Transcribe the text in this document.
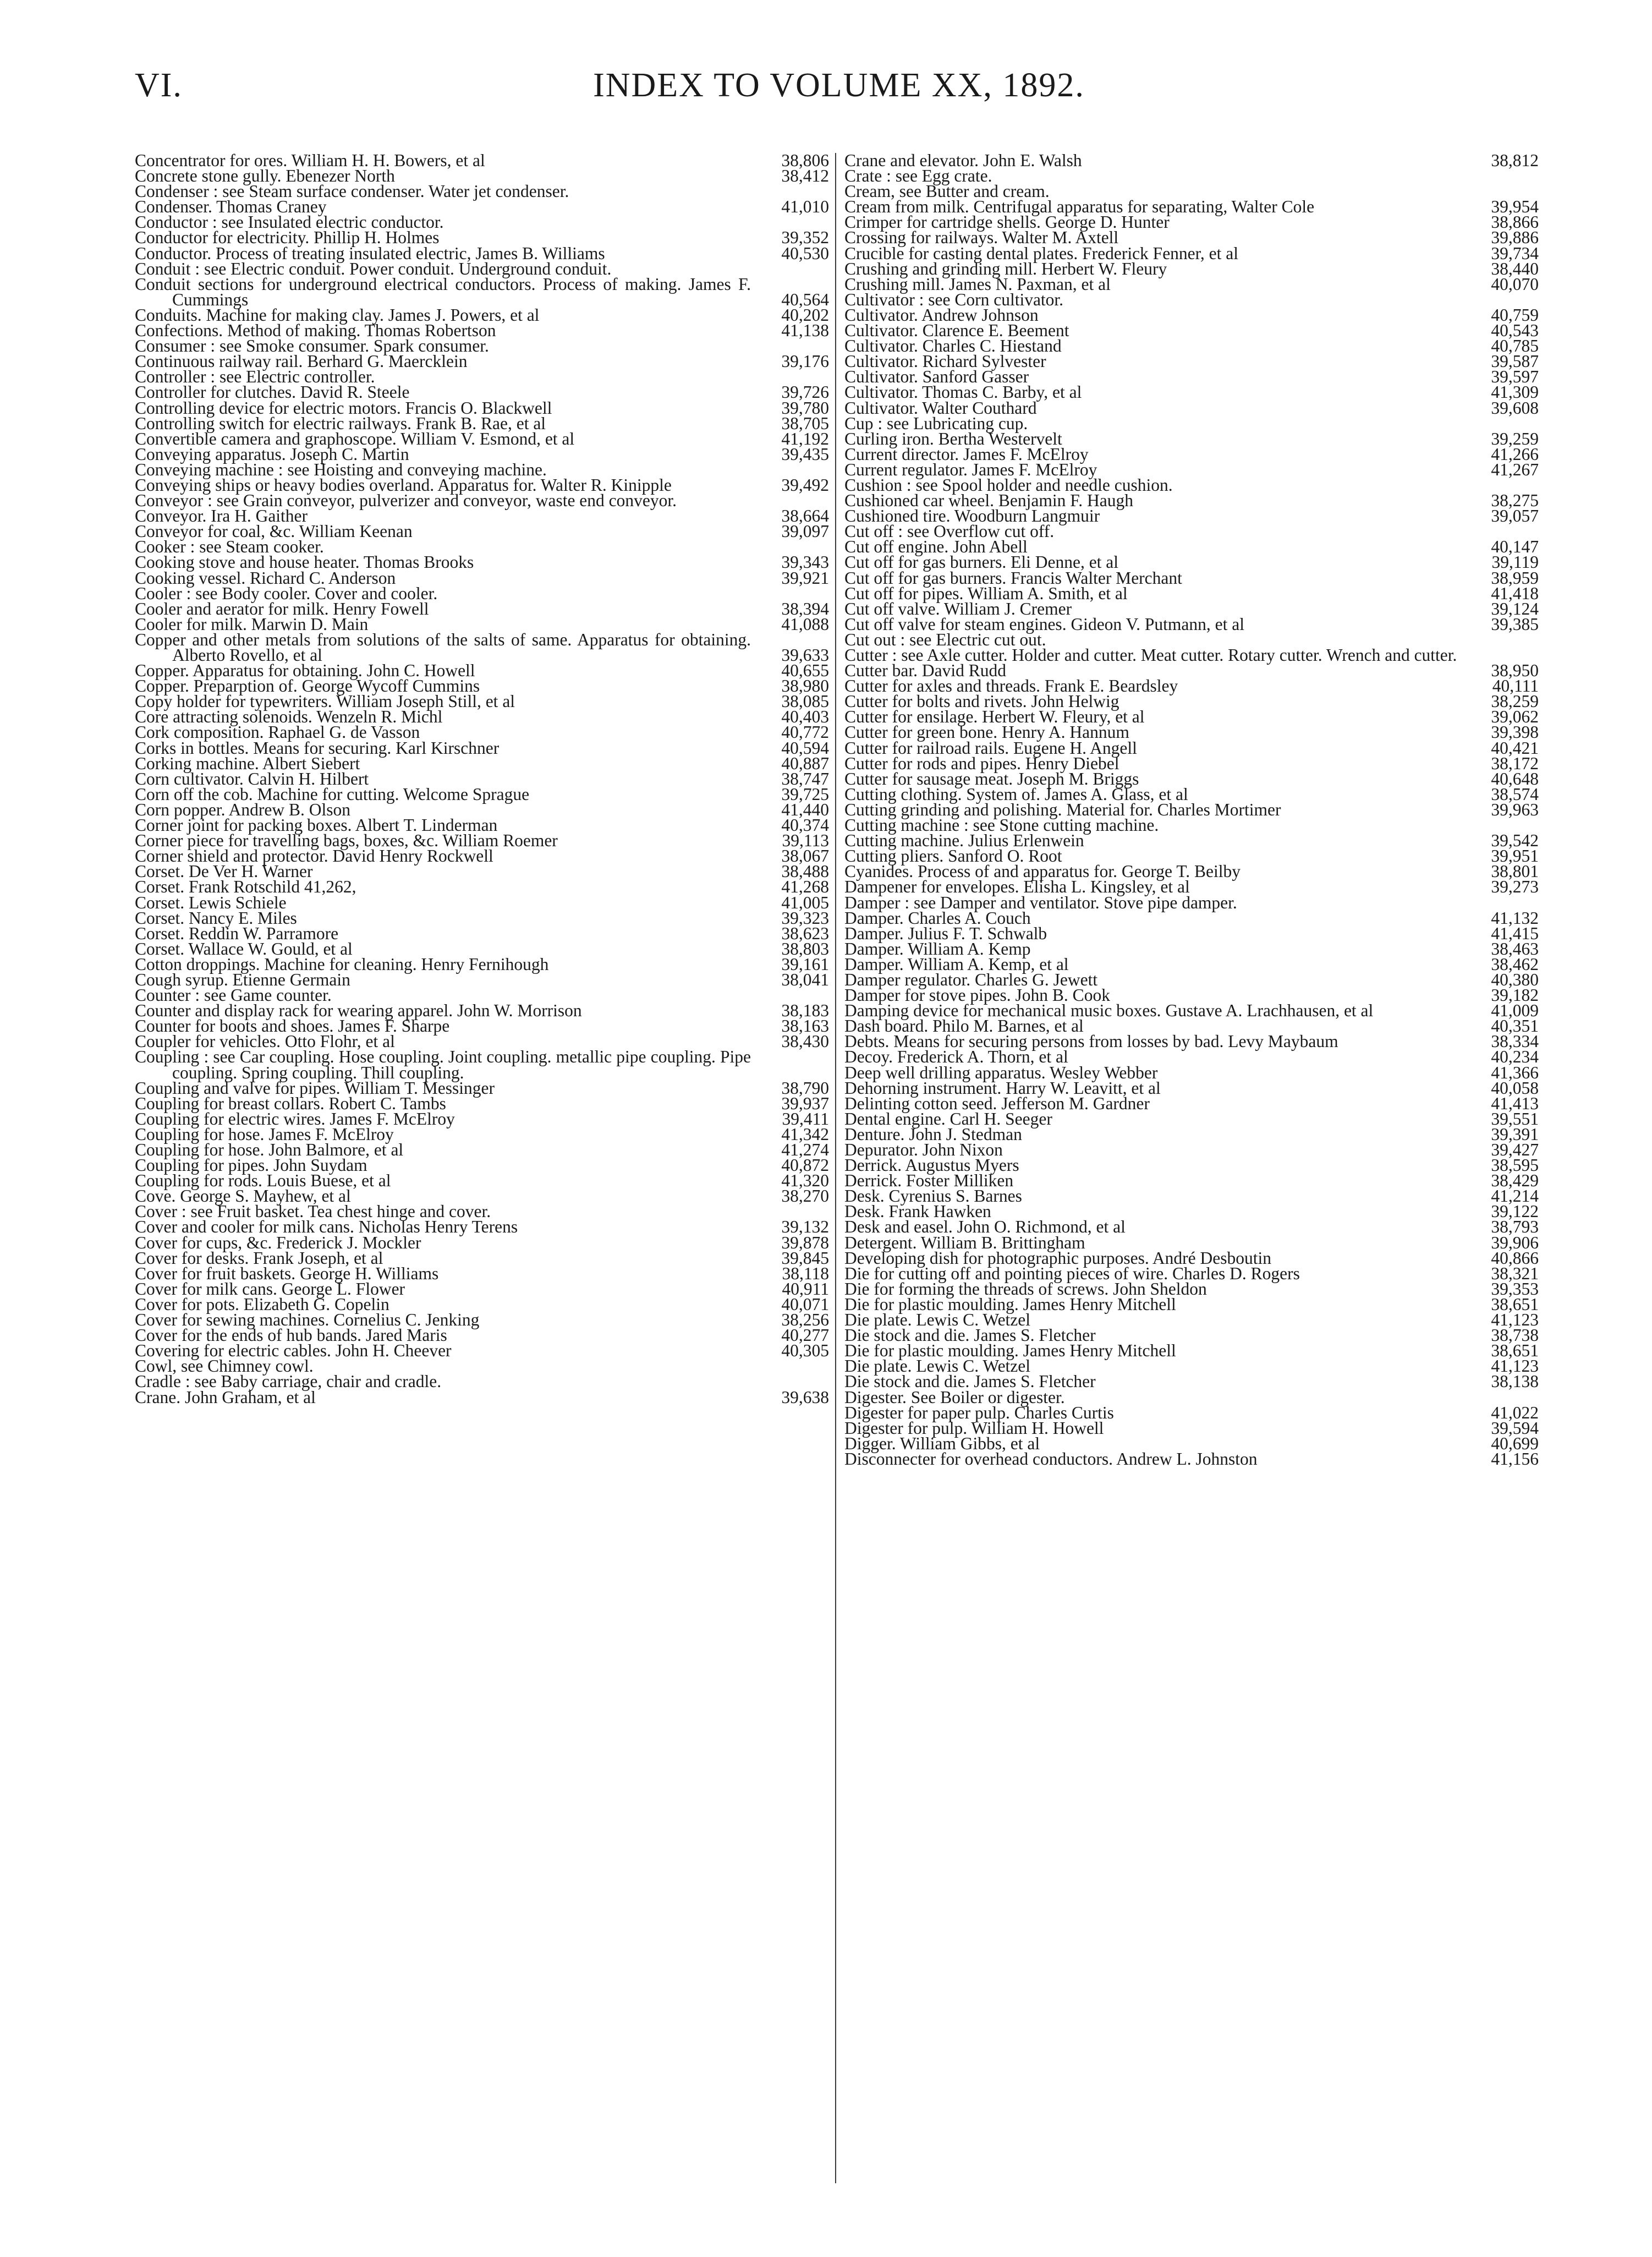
VI.	INDEX TO VOLUME XX, 1892.
Concentrator for ores. William H. H. Bowers, et al	38,806
Concrete stone gully. Ebenezer North	38,412
Condenser : see Steam surface condenser. Water jet condenser.
Condenser. Thomas Craney	41,010
Conductor : see Insulated electric conductor.
Conductor for electricity. Phillip H. Holmes	39,352
Conductor. Process of treating insulated electric, James B. Williams	40,530
Conduit : see Electric conduit. Power conduit. Underground conduit.
Conduit sections for underground electrical conductors. Process of making. James F. Cummings	40,564
Conduits. Machine for making clay. James J. Powers, et al	40,202
Confections. Method of making. Thomas Robertson	41,138
Consumer : see Smoke consumer. Spark consumer.
Continuous railway rail. Berhard G. Maercklein	39,176
Controller : see Electric controller.
Controller for clutches. David R. Steele	39,726
Controlling device for electric motors. Francis O. Blackwell	39,780
Controlling switch for electric railways. Frank B. Rae, et al	38,705
Convertible camera and graphoscope. William V. Esmond, et al	41,192
Conveying apparatus. Joseph C. Martin	39,435
Conveying machine : see Hoisting and conveying machine.
Conveying ships or heavy bodies overland. Apparatus for. Walter R. Kinipple	39,492
Conveyor : see Grain conveyor, pulverizer and conveyor, waste end conveyor.
Conveyor. Ira H. Gaither	38,664
Conveyor for coal, &c. William Keenan	39,097
Cooker : see Steam cooker.
Cooking stove and house heater. Thomas Brooks	39,343
Cooking vessel. Richard C. Anderson	39,921
Cooler : see Body cooler. Cover and cooler.
Cooler and aerator for milk. Henry Fowell	38,394
Cooler for milk. Marwin D. Main	41,088
Copper and other metals from solutions of the salts of same. Apparatus for obtaining. Alberto Rovello, et al	39,633
Copper. Apparatus for obtaining. John C. Howell	40,655
Copper. Preparption of. George Wycoff Cummins	38,980
Copy holder for typewriters. William Joseph Still, et al	38,085
Core attracting solenoids. Wenzeln R. Michl	40,403
Cork composition. Raphael G. de Vasson	40,772
Corks in bottles. Means for securing. Karl Kirschner	40,594
Corking machine. Albert Siebert	40,887
Corn cultivator. Calvin H. Hilbert	38,747
Corn off the cob. Machine for cutting. Welcome Sprague	39,725
Corn popper. Andrew B. Olson	41,440
Corner joint for packing boxes. Albert T. Linderman	40,374
Corner piece for travelling bags, boxes, &c. William Roemer	39,113
Corner shield and protector. David Henry Rockwell	38,067
Corset. De Ver H. Warner	38,488
Corset. Frank Rotschild 41,262,	41,268
Corset. Lewis Schiele	41,005
Corset. Nancy E. Miles	39,323
Corset. Reddin W. Parramore	38,623
Corset. Wallace W. Gould, et al	38,803
Cotton droppings. Machine for cleaning. Henry Fernihough	39,161
Cough syrup. Etienne Germain	38,041
Counter : see Game counter.
Counter and display rack for wearing apparel. John W. Morrison	38,183
Counter for boots and shoes. James F. Sharpe	38,163
Coupler for vehicles. Otto Flohr, et al	38,430
Coupling : see Car coupling. Hose coupling. Joint coupling. metallic pipe coupling. Pipe coupling. Spring coupling. Thill coupling.
Coupling and valve for pipes. William T. Messinger	38,790
Coupling for breast collars. Robert C. Tambs	39,937
Coupling for electric wires. James F. McElroy	39,411
Coupling for hose. James F. McElroy	41,342
Coupling for hose. John Balmore, et al	41,274
Coupling for pipes. John Suydam	40,872
Coupling for rods. Louis Buese, et al	41,320
Cove. George S. Mayhew, et al	38,270
Cover : see Fruit basket. Tea chest hinge and cover.
Cover and cooler for milk cans. Nicholas Henry Terens	39,132
Cover for cups, &c. Frederick J. Mockler	39,878
Cover for desks. Frank Joseph, et al	39,845
Cover for fruit baskets. George H. Williams	38,118
Cover for milk cans. George L. Flower	40,911
Cover for pots. Elizabeth G. Copelin	40,071
Cover for sewing machines. Cornelius C. Jenking	38,256
Cover for the ends of hub bands. Jared Maris	40,277
Covering for electric cables. John H. Cheever	40,305
Cowl, see Chimney cowl.
Cradle : see Baby carriage, chair and cradle.
Crane. John Graham, et al	39,638
Crane and elevator. John E. Walsh	38,812
Crate : see Egg crate.
Cream, see Butter and cream.
Cream from milk. Centrifugal apparatus for separating, Walter Cole	39,954
Crimper for cartridge shells. George D. Hunter	38,866
Crossing for railways. Walter M. Axtell	39,886
Crucible for casting dental plates. Frederick Fenner, et al	39,734
Crushing and grinding mill. Herbert W. Fleury	38,440
Crushing mill. James N. Paxman, et al	40,070
Cultivator : see Corn cultivator.
Cultivator. Andrew Johnson	40,759
Cultivator. Clarence E. Beement	40,543
Cultivator. Charles C. Hiestand	40,785
Cultivator. Richard Sylvester	39,587
Cultivator. Sanford Gasser	39,597
Cultivator. Thomas C. Barby, et al	41,309
Cultivator. Walter Couthard	39,608
Cup : see Lubricating cup.
Curling iron. Bertha Westervelt	39,259
Current director. James F. McElroy	41,266
Current regulator. James F. McElroy	41,267
Cushion : see Spool holder and needle cushion.
Cushioned car wheel. Benjamin F. Haugh	38,275
Cushioned tire. Woodburn Langmuir	39,057
Cut off : see Overflow cut off.
Cut off engine. John Abell	40,147
Cut off for gas burners. Eli Denne, et al	39,119
Cut off for gas burners. Francis Walter Merchant	38,959
Cut off for pipes. William A. Smith, et al	41,418
Cut off valve. William J. Cremer	39,124
Cut off valve for steam engines. Gideon V. Putmann, et al	39,385
Cut out : see Electric cut out.
Cutter : see Axle cutter. Holder and cutter. Meat cutter. Rotary cutter. Wrench and cutter.
Cutter bar. David Rudd	38,950
Cutter for axles and threads. Frank E. Beardsley	40,111
Cutter for bolts and rivets. John Helwig	38,259
Cutter for ensilage. Herbert W. Fleury, et al	39,062
Cutter for green bone. Henry A. Hannum	39,398
Cutter for railroad rails. Eugene H. Angell	40,421
Cutter for rods and pipes. Henry Diebel	38,172
Cutter for sausage meat. Joseph M. Briggs	40,648
Cutting clothing. System of. James A. Glass, et al	38,574
Cutting grinding and polishing. Material for. Charles Mortimer	39,963
Cutting machine : see Stone cutting machine.
Cutting machine. Julius Erlenwein	39,542
Cutting pliers. Sanford O. Root	39,951
Cyanides. Process of and apparatus for. George T. Beilby	38,801
Dampener for envelopes. Elisha L. Kingsley, et al	39,273
Damper : see Damper and ventilator. Stove pipe damper.
Damper. Charles A. Couch	41,132
Damper. Julius F. T. Schwalb	41,415
Damper. William A. Kemp	38,463
Damper. William A. Kemp, et al	38,462
Damper regulator. Charles G. Jewett	40,380
Damper for stove pipes. John B. Cook	39,182
Damping device for mechanical music boxes. Gustave A. Lrachhausen, et al	41,009
Dash board. Philo M. Barnes, et al	40,351
Debts. Means for securing persons from losses by bad. Levy Maybaum	38,334
Decoy. Frederick A. Thorn, et al	40,234
Deep well drilling apparatus. Wesley Webber	41,366
Dehorning instrument. Harry W. Leavitt, et al	40,058
Delinting cotton seed. Jefferson M. Gardner	41,413
Dental engine. Carl H. Seeger	39,551
Denture. John J. Stedman	39,391
Depurator. John Nixon	39,427
Derrick. Augustus Myers	38,595
Derrick. Foster Milliken	38,429
Desk. Cyrenius S. Barnes	41,214
Desk. Frank Hawken	39,122
Desk and easel. John O. Richmond, et al	38,793
Detergent. William B. Brittingham	39,906
Developing dish for photographic purposes. André Desboutin	40,866
Die for cutting off and pointing pieces of wire. Charles D. Rogers	38,321
Die for forming the threads of screws. John Sheldon	39,353
Die for plastic moulding. James Henry Mitchell	38,651
Die plate. Lewis C. Wetzel	41,123
Die stock and die. James S. Fletcher	38,738
Die for plastic moulding. James Henry Mitchell	38,651
Die plate. Lewis C. Wetzel	41,123
Die stock and die. James S. Fletcher	38,138
Digester. See Boiler or digester.
Digester for paper pulp. Charles Curtis	41,022
Digester for pulp. William H. Howell	39,594
Digger. William Gibbs, et al	40,699
Disconnecter for overhead conductors. Andrew L. Johnston	41,156
